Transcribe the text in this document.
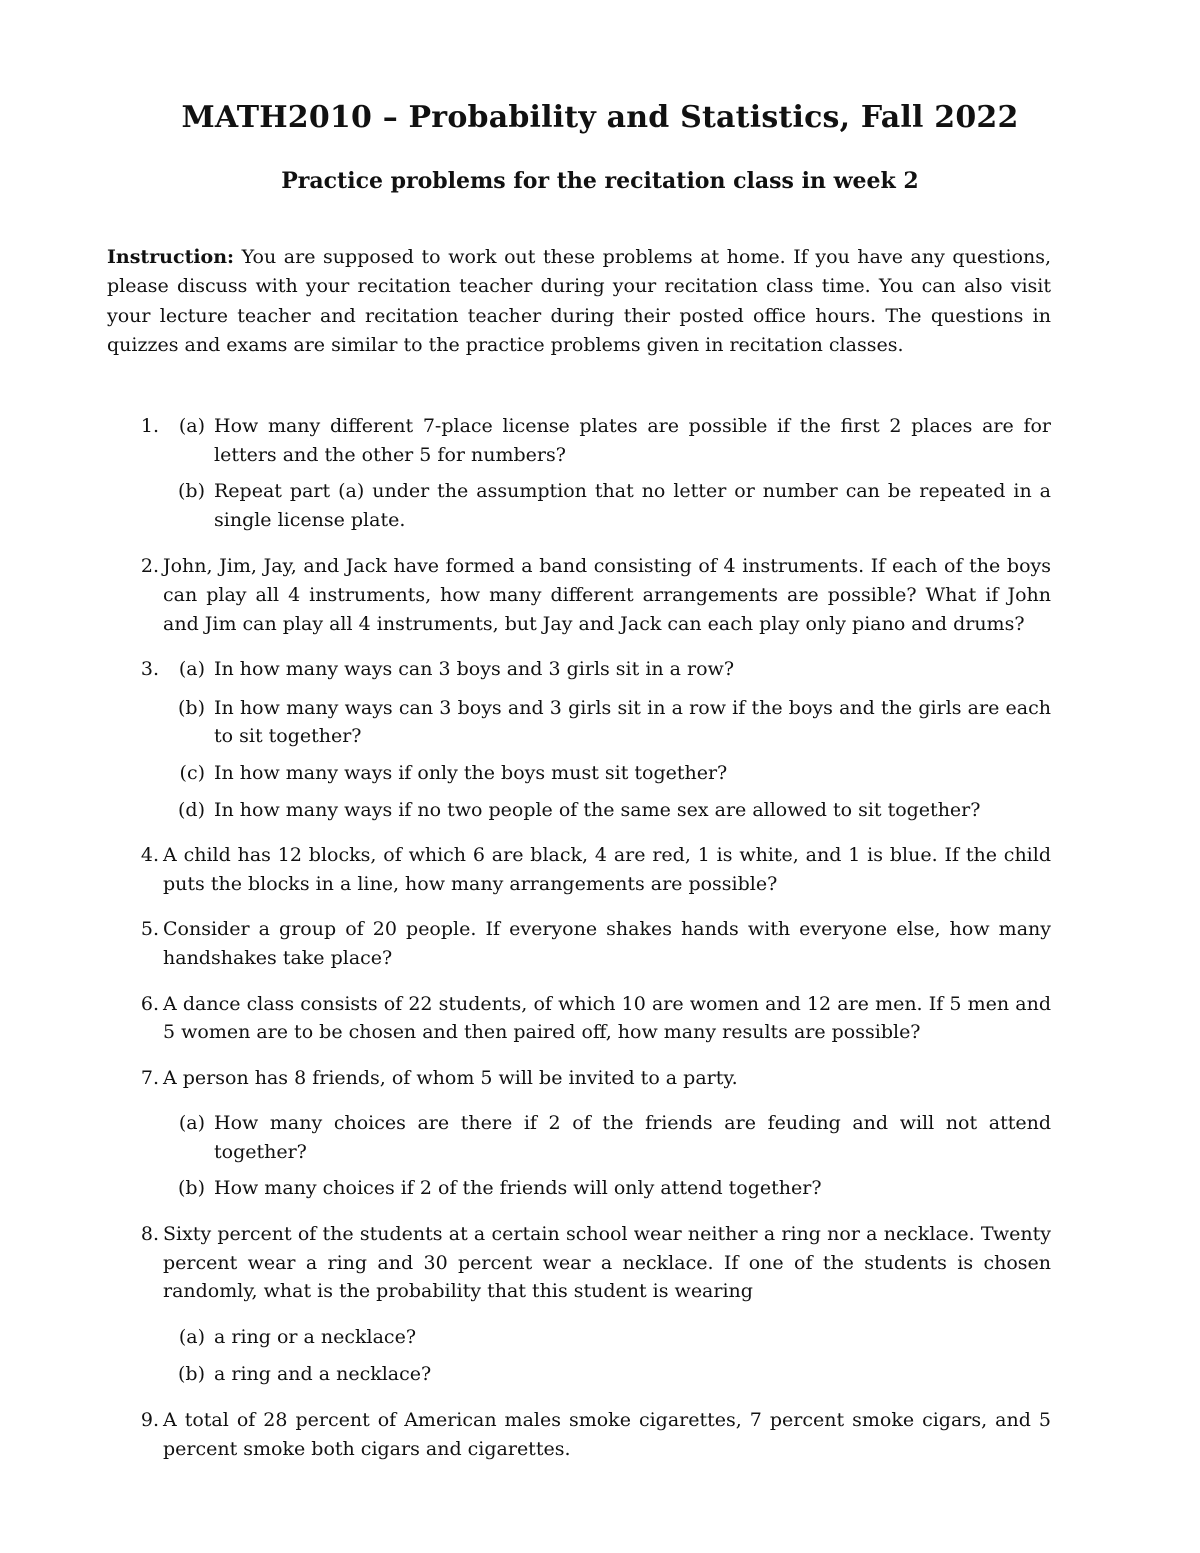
MATH2010 – Probability and Statistics, Fall 2022
Practice problems for the recitation class in week 2
Instruction: You are supposed to work out these problems at home. If you have any questions, please discuss with your recitation teacher during your recitation class time. You can also visit your lecture teacher and recitation teacher during their posted office hours. The questions in quizzes and exams are similar to the practice problems given in recitation classes.
1.	(a) How many different 7-place license plates are possible if the first 2 places are for letters and the other 5 for numbers?
(b) Repeat part (a) under the assumption that no letter or number can be repeated in a single license plate.
2. John, Jim, Jay, and Jack have formed a band consisting of 4 instruments. If each of the boys can play all 4 instruments, how many different arrangements are possible? What if John and Jim can play all 4 instruments, but Jay and Jack can each play only piano and drums?
3.	(a) In how many ways can 3 boys and 3 girls sit in a row?
(b) In how many ways can 3 boys and 3 girls sit in a row if the boys and the girls are each to sit together?
(c) In how many ways if only the boys must sit together?
(d) In how many ways if no two people of the same sex are allowed to sit together?
4. A child has 12 blocks, of which 6 are black, 4 are red, 1 is white, and 1 is blue. If the child puts the blocks in a line, how many arrangements are possible?
5. Consider a group of 20 people. If everyone shakes hands with everyone else, how many handshakes take place?
6. A dance class consists of 22 students, of which 10 are women and 12 are men. If 5 men and 5 women are to be chosen and then paired off, how many results are possible?
7. A person has 8 friends, of whom 5 will be invited to a party.
(a) How many choices are there if 2 of the friends are feuding and will not attend together?
(b) How many choices if 2 of the friends will only attend together?
8. Sixty percent of the students at a certain school wear neither a ring nor a necklace. Twenty percent wear a ring and 30 percent wear a necklace. If one of the students is chosen randomly, what is the probability that this student is wearing
(a) a ring or a necklace?
(b) a ring and a necklace?
9. A total of 28 percent of American males smoke cigarettes, 7 percent smoke cigars, and 5 percent smoke both cigars and cigarettes.
